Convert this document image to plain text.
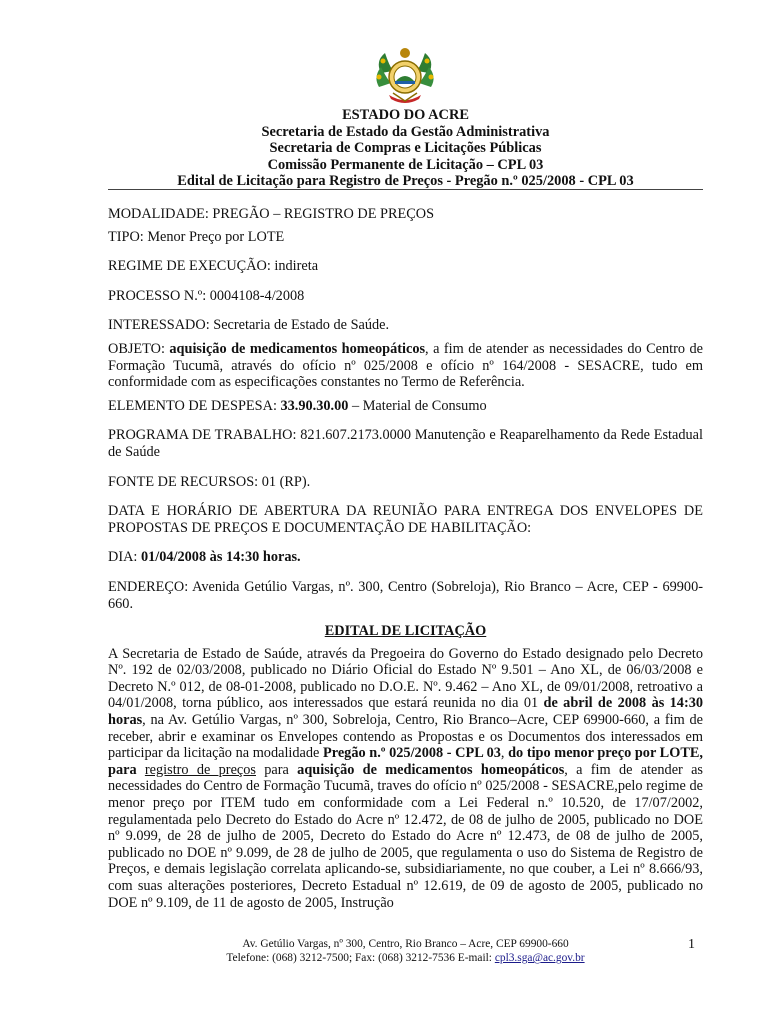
ESTADO DO ACRE
Secretaria de Estado da Gestão Administrativa
Secretaria de Compras e Licitações Públicas
Comissão Permanente de Licitação – CPL 03
Edital de Licitação para Registro de Preços - Pregão n.º 025/2008 - CPL 03

MODALIDADE: PREGÃO – REGISTRO DE PREÇOS

TIPO: Menor Preço por LOTE

REGIME DE EXECUÇÃO: indireta

PROCESSO N.º: 0004108-4/2008

INTERESSADO: Secretaria de Estado de Saúde.

OBJETO: aquisição de medicamentos homeopáticos, a fim de atender as necessidades do Centro de Formação Tucumã, através do ofício nº 025/2008 e ofício nº 164/2008 - SESACRE, tudo em conformidade com as especificações constantes no Termo de Referência.

ELEMENTO DE DESPESA: 33.90.30.00 – Material de Consumo

PROGRAMA DE TRABALHO: 821.607.2173.0000 Manutenção e Reaparelhamento da Rede Estadual de Saúde

FONTE DE RECURSOS: 01 (RP).

DATA E HORÁRIO DE ABERTURA DA REUNIÃO PARA ENTREGA DOS ENVELOPES DE PROPOSTAS DE PREÇOS E DOCUMENTAÇÃO DE HABILITAÇÃO:

DIA: 01/04/2008 às 14:30 horas.

ENDEREÇO: Avenida Getúlio Vargas, nº. 300, Centro (Sobreloja), Rio Branco – Acre, CEP - 69900-660.

EDITAL DE LICITAÇÃO

A Secretaria de Estado de Saúde, através da Pregoeira do Governo do Estado designado pelo Decreto Nº. 192 de 02/03/2008, publicado no Diário Oficial do Estado Nº 9.501 – Ano XL, de 06/03/2008 e Decreto N.º 012, de 08-01-2008, publicado no D.O.E. Nº. 9.462 – Ano XL, de 09/01/2008, retroativo a 04/01/2008, torna público, aos interessados que estará reunida no dia 01 de abril de 2008 às 14:30 horas, na Av. Getúlio Vargas, nº 300, Sobreloja, Centro, Rio Branco–Acre, CEP 69900-660, a fim de receber, abrir e examinar os Envelopes contendo as Propostas e os Documentos dos interessados em participar da licitação na modalidade Pregão n.º 025/2008 - CPL 03, do tipo menor preço por LOTE, para registro de preços para aquisição de medicamentos homeopáticos, a fim de atender as necessidades do Centro de Formação Tucumã, traves do ofício nº 025/2008 - SESACRE,pelo regime de menor preço por ITEM tudo em conformidade com a Lei Federal n.º 10.520, de 17/07/2002, regulamentada pelo Decreto do Estado do Acre nº 12.472, de 08 de julho de 2005, publicado no DOE nº 9.099, de 28 de julho de 2005, Decreto do Estado do Acre nº 12.473, de 08 de julho de 2005, publicado no DOE nº 9.099, de 28 de julho de 2005, que regulamenta o uso do Sistema de Registro de Preços, e demais legislação correlata aplicando-se, subsidiariamente, no que couber, a Lei nº 8.666/93, com suas alterações posteriores, Decreto Estadual nº 12.619, de 09 de agosto de 2005, publicado no DOE nº 9.109, de 11 de agosto de 2005, Instrução

Av. Getúlio Vargas, nº 300, Centro, Rio Branco – Acre, CEP 69900-660
Telefone: (068) 3212-7500; Fax: (068) 3212-7536 E-mail: cpl3.sga@ac.gov.br
1
